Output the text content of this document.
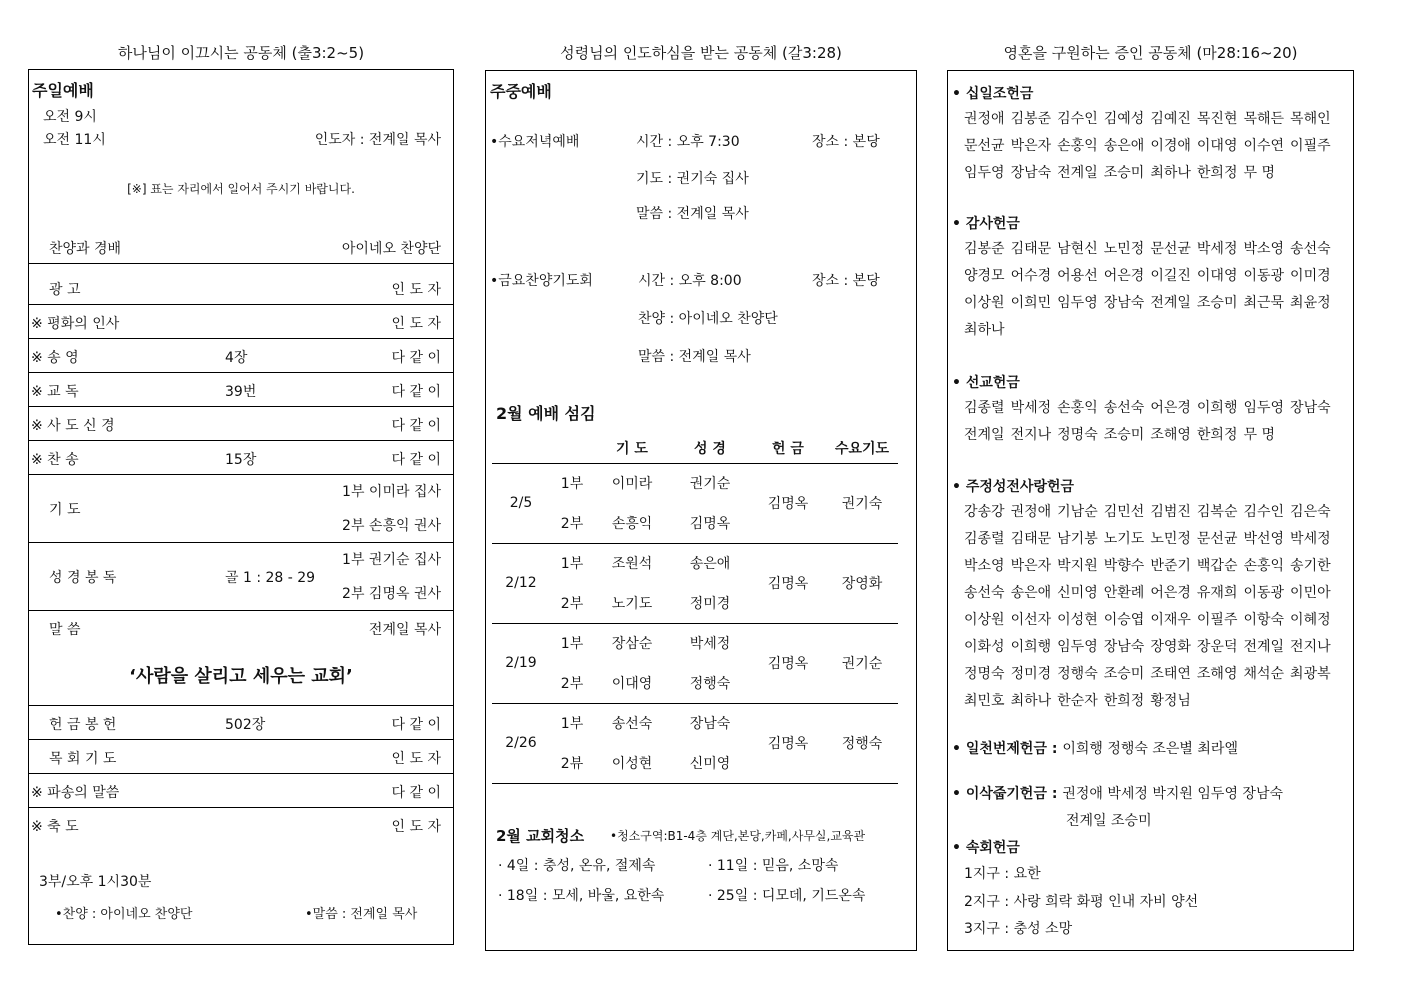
하나님이 이끄시는 공동체 (출3:2~5)	성령님의 인도하심을 받는 공동체 (갈3:28)	영혼을 구원하는 증인 공동체 (마28:16~20)
주일예배
오전 9시
오전 11시	인도자 : 전계일 목사
[※] 표는 자리에서 일어서 주시기 바랍니다.
찬양과 경배	아이네오 찬양단
광 고	인 도 자
※ 평화의 인사	인 도 자
※ 송 영	4장	다 같 이
※ 교 독	39번	다 같 이
※ 사 도 신 경	다 같 이
※ 찬 송	15장	다 같 이
기 도
1부 이미라 집사
2부 손흥익 권사
성 경 봉 독	골 1 : 28 - 29
1부 권기순 집사
2부 김명옥 권사
말 씀	전계일 목사
‘사람을 살리고 세우는 교회’
헌 금 봉 헌	502장	다 같 이
목 회 기 도	인 도 자
※ 파송의 말씀	다 같 이
※ 축 도	인 도 자
3부/오후 1시30분
•찬양 : 아이네오 찬양단	•말씀 : 전계일 목사
주중예배
•수요저녁예배	시간 : 오후 7:30	장소 : 본당
기도 : 권기숙 집사
말씀 : 전계일 목사
•금요찬양기도회	시간 : 오후 8:00	장소 : 본당
찬양 : 아이네오 찬양단
말씀 : 전계일 목사
2월 예배 섬김
		기 도	성 경	헌 금	수요기도
2/5	1부	이미라	권기순	김명옥	권기숙
	2부	손흥익	김명옥		
2/12	1부	조원석	송은애	김명옥	장영화
	2부	노기도	정미경		
2/19	1부	장삼순	박세정	김명옥	권기순
	2부	이대영	정행숙		
2/26	1부	송선숙	장남숙	김명옥	정행숙
	2뷰	이성현	신미영		
2월 교회청소 •청소구역:B1-4층 계단,본당,카페,사무실,교육관
· 4일 : 충성, 온유, 절제속	· 11일 : 믿음, 소망속
· 18일 : 모세, 바울, 요한속	· 25일 : 디모데, 기드온속
• 십일조헌금
권정애 김봉준 김수인 김예성 김예진 목진현 목해든 목해인문선균 박은자 손홍익 송은애 이경애 이대영 이수연 이필주임두영 장남숙 전계일 조승미 최하나 한희정 무 명
• 감사헌금
김봉준 김태문 남현신 노민정 문선균 박세정 박소영 송선숙양경모 어수경 어용선 어은경 이길진 이대영 이동광 이미경이상원 이희민 임두영 장남숙 전계일 조승미 최근묵 최윤정최하나
• 선교헌금
김종렬 박세정 손홍익 송선숙 어은경 이희행 임두영 장남숙전계일 전지나 정명숙 조승미 조해영 한희정 무 명
• 주정성전사랑헌금
강송강 권정애 기남순 김민선 김범진 김복순 김수인 김은숙김종렬 김태문 남기봉 노기도 노민정 문선균 박선영 박세정박소영 박은자 박지원 박향수 반준기 백갑순 손홍익 송기한송선숙 송은애 신미영 안환례 어은경 유재희 이동광 이민아이상원 이선자 이성현 이승엽 이재우 이필주 이항숙 이혜정이화성 이희행 임두영 장남숙 장영화 장운덕 전계일 전지나정명숙 정미경 정행숙 조승미 조태연 조해영 채석순 최광복최민호 최하나 한순자 한희정 황정님
• 일천번제헌금 : 이희행 정행숙 조은별 최라엘
• 이삭줍기헌금 : 권정애 박세정 박지원 임두영 장남숙
전계일 조승미
• 속회헌금
1지구 : 요한
2지구 : 사랑 희락 화평 인내 자비 양선
3지구 : 충성 소망
